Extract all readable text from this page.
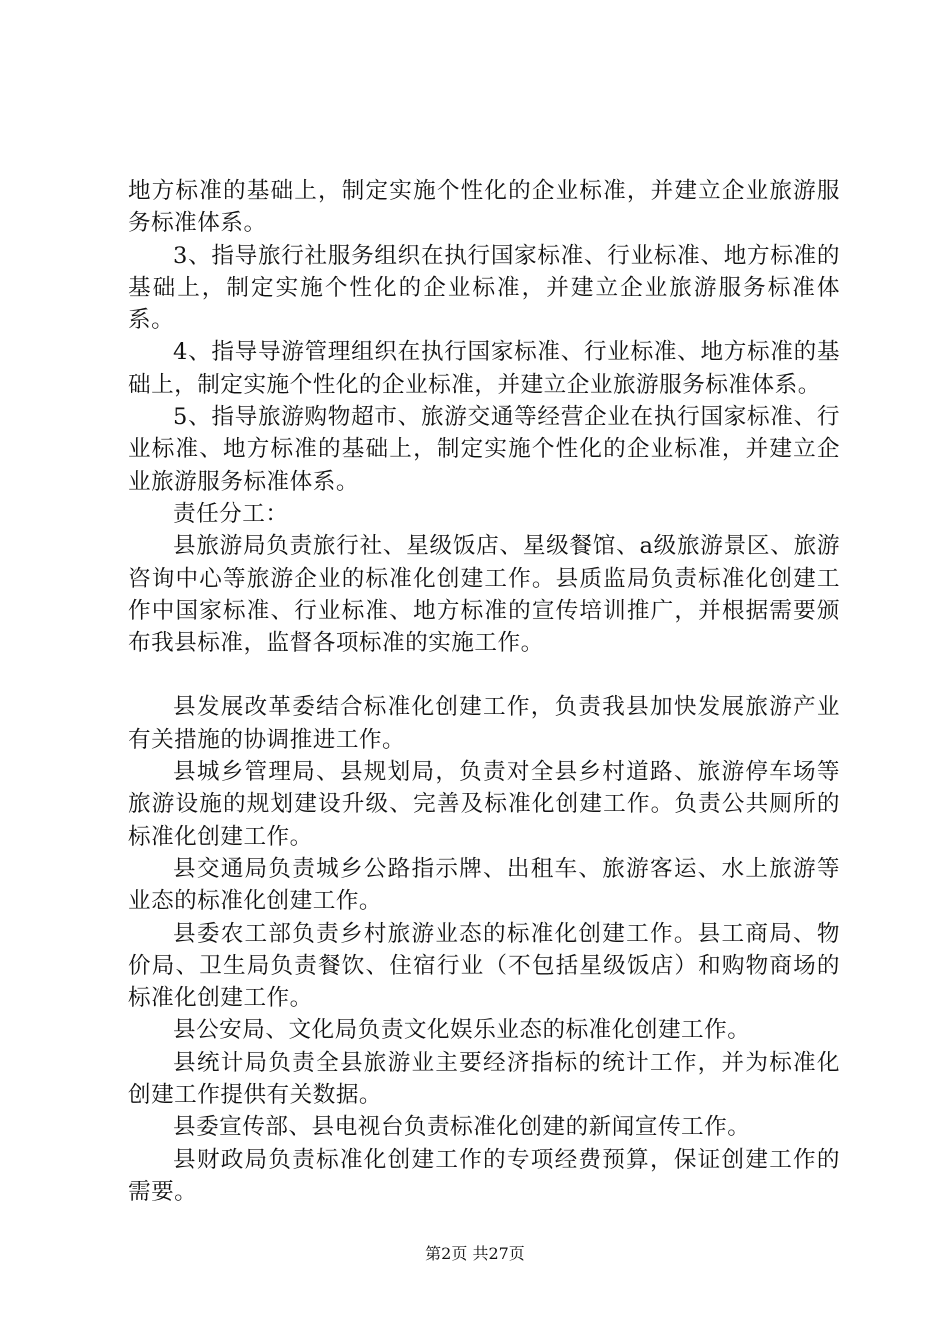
地方标准的基础上，制定实施个性化的企业标准，并建立企业旅游服务标准体系。

3、指导旅行社服务组织在执行国家标准、行业标准、地方标准的基础上，制定实施个性化的企业标准，并建立企业旅游服务标准体系。

4、指导导游管理组织在执行国家标准、行业标准、地方标准的基础上，制定实施个性化的企业标准，并建立企业旅游服务标准体系。

5、指导旅游购物超市、旅游交通等经营企业在执行国家标准、行业标准、地方标准的基础上，制定实施个性化的企业标准，并建立企业旅游服务标准体系。

责任分工：

县旅游局负责旅行社、星级饭店、星级餐馆、a级旅游景区、旅游咨询中心等旅游企业的标准化创建工作。县质监局负责标准化创建工作中国家标准、行业标准、地方标准的宣传培训推广，并根据需要颁布我县标准，监督各项标准的实施工作。

县发展改革委结合标准化创建工作，负责我县加快发展旅游产业有关措施的协调推进工作。

县城乡管理局、县规划局，负责对全县乡村道路、旅游停车场等旅游设施的规划建设升级、完善及标准化创建工作。负责公共厕所的标准化创建工作。

县交通局负责城乡公路指示牌、出租车、旅游客运、水上旅游等业态的标准化创建工作。

县委农工部负责乡村旅游业态的标准化创建工作。县工商局、物价局、卫生局负责餐饮、住宿行业（不包括星级饭店）和购物商场的标准化创建工作。

县公安局、文化局负责文化娱乐业态的标准化创建工作。

县统计局负责全县旅游业主要经济指标的统计工作，并为标准化创建工作提供有关数据。

县委宣传部、县电视台负责标准化创建的新闻宣传工作。

县财政局负责标准化创建工作的专项经费预算，保证创建工作的需要。

第2页 共27页
